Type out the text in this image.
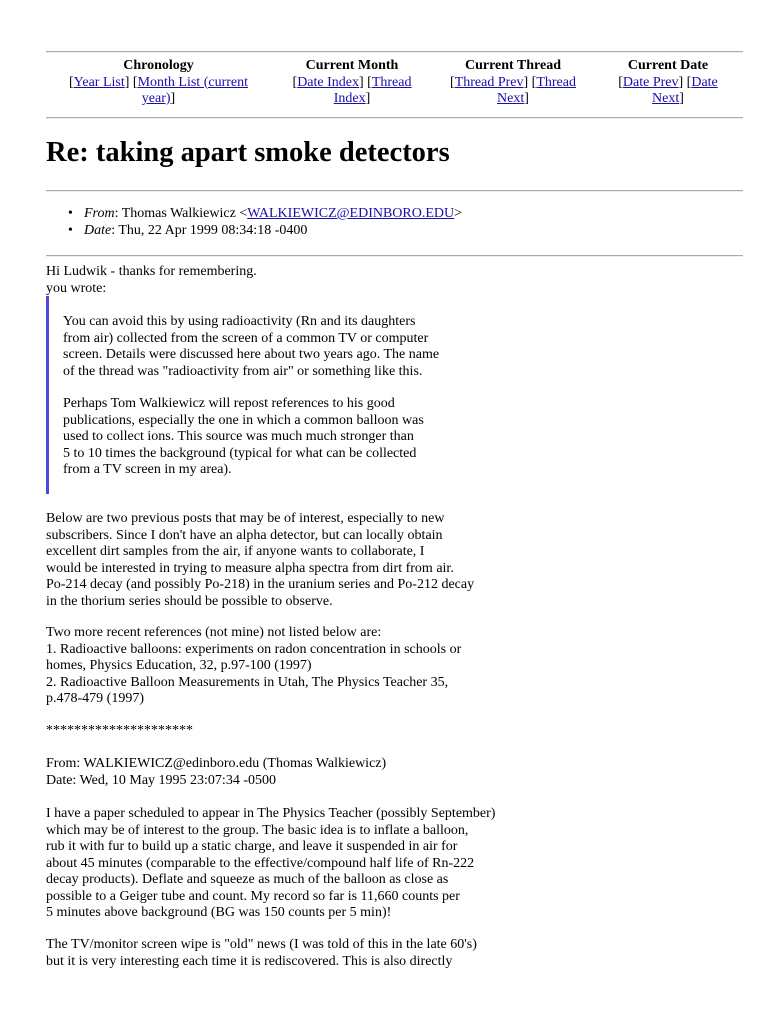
Chronology
[Year List] [Month List (current
year)]
Current Month
[Date Index] [Thread
Index]
Current Thread
[Thread Prev] [Thread
Next]
Current Date
[Date Prev] [Date
Next]
Re: taking apart smoke detectors
• From: Thomas Walkiewicz <WALKIEWICZ@EDINBORO.EDU>
• Date: Thu, 22 Apr 1999 08:34:18 -0400
Hi Ludwik - thanks for remembering.
you wrote:
You can avoid this by using radioactivity (Rn and its daughters
from air) collected from the screen of a common TV or computer
screen. Details were discussed here about two years ago. The name
of the thread was "radioactivity from air" or something like this.
Perhaps Tom Walkiewicz will repost references to his good
publications, especially the one in which a common balloon was
used to collect ions. This source was much much stronger than
5 to 10 times the background (typical for what can be collected
from a TV screen in my area).
Below are two previous posts that may be of interest, especially to new
subscribers. Since I don't have an alpha detector, but can locally obtain
excellent dirt samples from the air, if anyone wants to collaborate, I
would be interested in trying to measure alpha spectra from dirt from air.
Po-214 decay (and possibly Po-218) in the uranium series and Po-212 decay
in the thorium series should be possible to observe.
Two more recent references (not mine) not listed below are:
1. Radioactive balloons: experiments on radon concentration in schools or
homes, Physics Education, 32, p.97-100 (1997)
2. Radioactive Balloon Measurements in Utah, The Physics Teacher 35,
p.478-479 (1997)
*********************
From: WALKIEWICZ@edinboro.edu (Thomas Walkiewicz)
Date: Wed, 10 May 1995 23:07:34 -0500
I have a paper scheduled to appear in The Physics Teacher (possibly September)
which may be of interest to the group. The basic idea is to inflate a balloon,
rub it with fur to build up a static charge, and leave it suspended in air for
about 45 minutes (comparable to the effective/compound half life of Rn-222
decay products). Deflate and squeeze as much of the balloon as close as
possible to a Geiger tube and count. My record so far is 11,660 counts per
5 minutes above background (BG was 150 counts per 5 min)!
The TV/monitor screen wipe is "old" news (I was told of this in the late 60's)
but it is very interesting each time it is rediscovered. This is also directly
